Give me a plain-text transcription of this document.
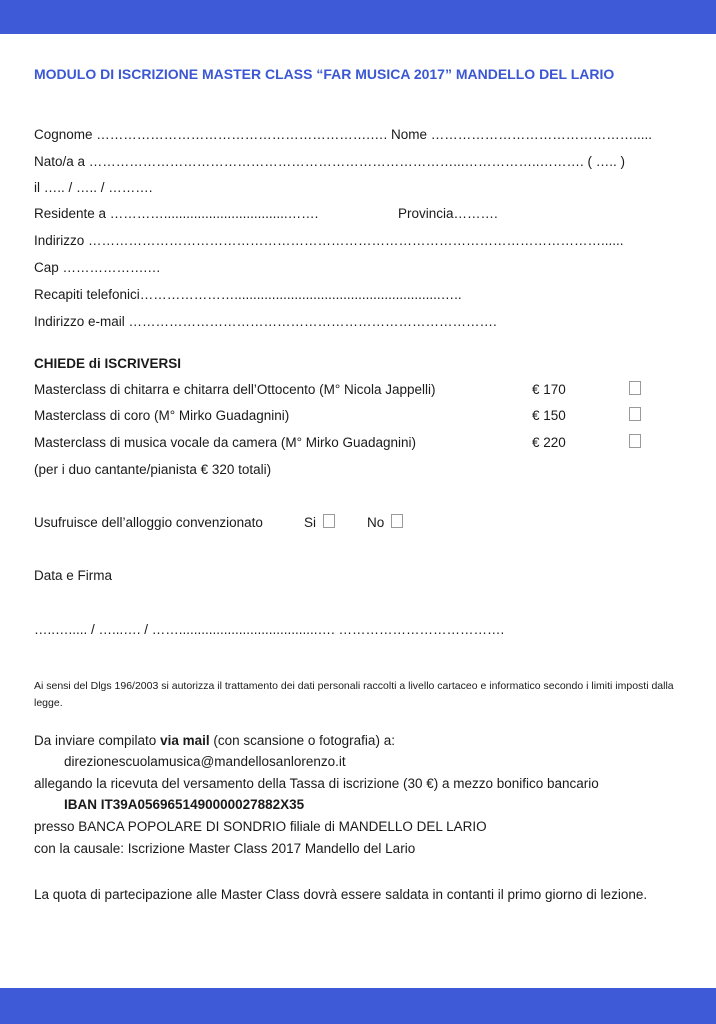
MODULO DI ISCRIZIONE MASTER CLASS “FAR MUSICA 2017” MANDELLO DEL LARIO
Cognome …………………………………………………….…. Nome ……………………………………….....
Nato/a a ………………………………………………………………………...……………..………. ( ….. )
il ….. / ….. / ……….
Residente a ………….................................…….	Provincia……….
Indirizzo ……………………………………………………………………………………………………......
Cap ……………….…
Recapiti telefonici………………….......................................................…..
Indirizzo e-mail ……………………………………………………………………….
CHIEDE di ISCRIVERSI
Masterclass di chitarra e chitarra dell’Ottocento (M° Nicola Jappelli)	€ 170
Masterclass di coro (M° Mirko Guadagnini)	€ 150
Masterclass di musica vocale da camera (M° Mirko Guadagnini)	€ 220
(per i duo cantante/pianista € 320 totali)
Usufruisce dell’alloggio convenzionato	Si	No
Data e Firma
…..…..... / …...…. / …….....................................…. ……………………………….
Ai sensi del Dlgs 196/2003 si autorizza il trattamento dei dati personali raccolti a livello cartaceo e informatico secondo i limiti imposti dalla legge.
Da inviare compilato via mail (con scansione o fotografia) a:
direzionescuolamusica@mandellosanlorenzo.it
allegando la ricevuta del versamento della Tassa di iscrizione (30 €) a mezzo bonifico bancario
IBAN IT39A0569651490000027882X35
presso BANCA POPOLARE DI SONDRIO filiale di MANDELLO DEL LARIO
con la causale: Iscrizione Master Class 2017 Mandello del Lario
La quota di partecipazione alle Master Class dovrà essere saldata in contanti il primo giorno di lezione.
